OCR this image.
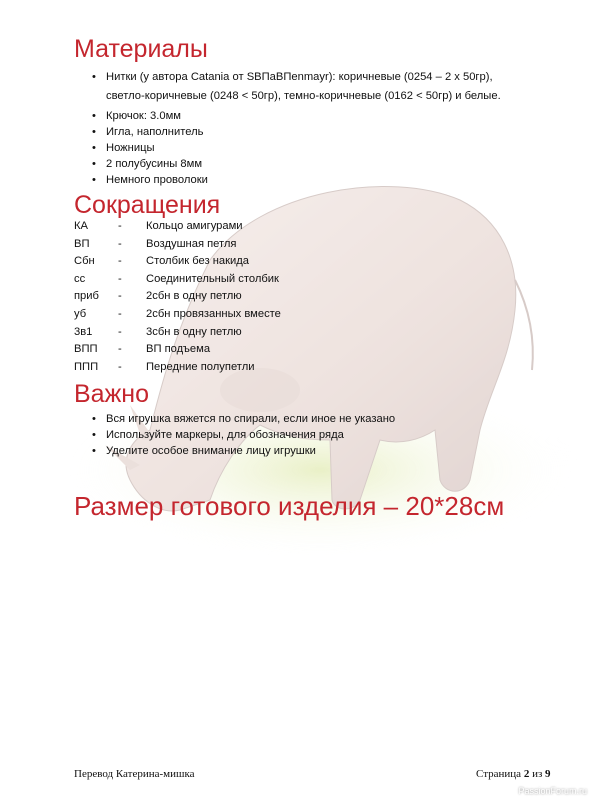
Материалы
• Нитки (у автора Catania от SBПаВПеnmayr): коричневые (0254 – 2 х 50гр), светло-коричневые (0248 < 50гр), темно-коричневые (0162 < 50гр) и белые.
• Крючок: 3.0мм
• Игла, наполнитель
• Ножницы
• 2 полубусины 8мм
• Немного проволоки
Сокращения
КА	- Кольцо амигурами
ВП	- Воздушная петля
Сбн - Столбик без накида
сс	- Соединительный столбик
приб - 2сбн в одну петлю
уб	- 2сбн провязанных вместе
3в1 - 3сбн в одну петлю
ВПП - ВП подъема
ППП - Передние полупетли
Важно
• Вся игрушка вяжется по спирали, если иное не указано
• Используйте маркеры, для обозначения ряда
• Уделите особое внимание лицу игрушки
Размер готового изделия – 20*28см
Перевод Катерина-мишка	Страница 2 из 9
PassionForum.ru
